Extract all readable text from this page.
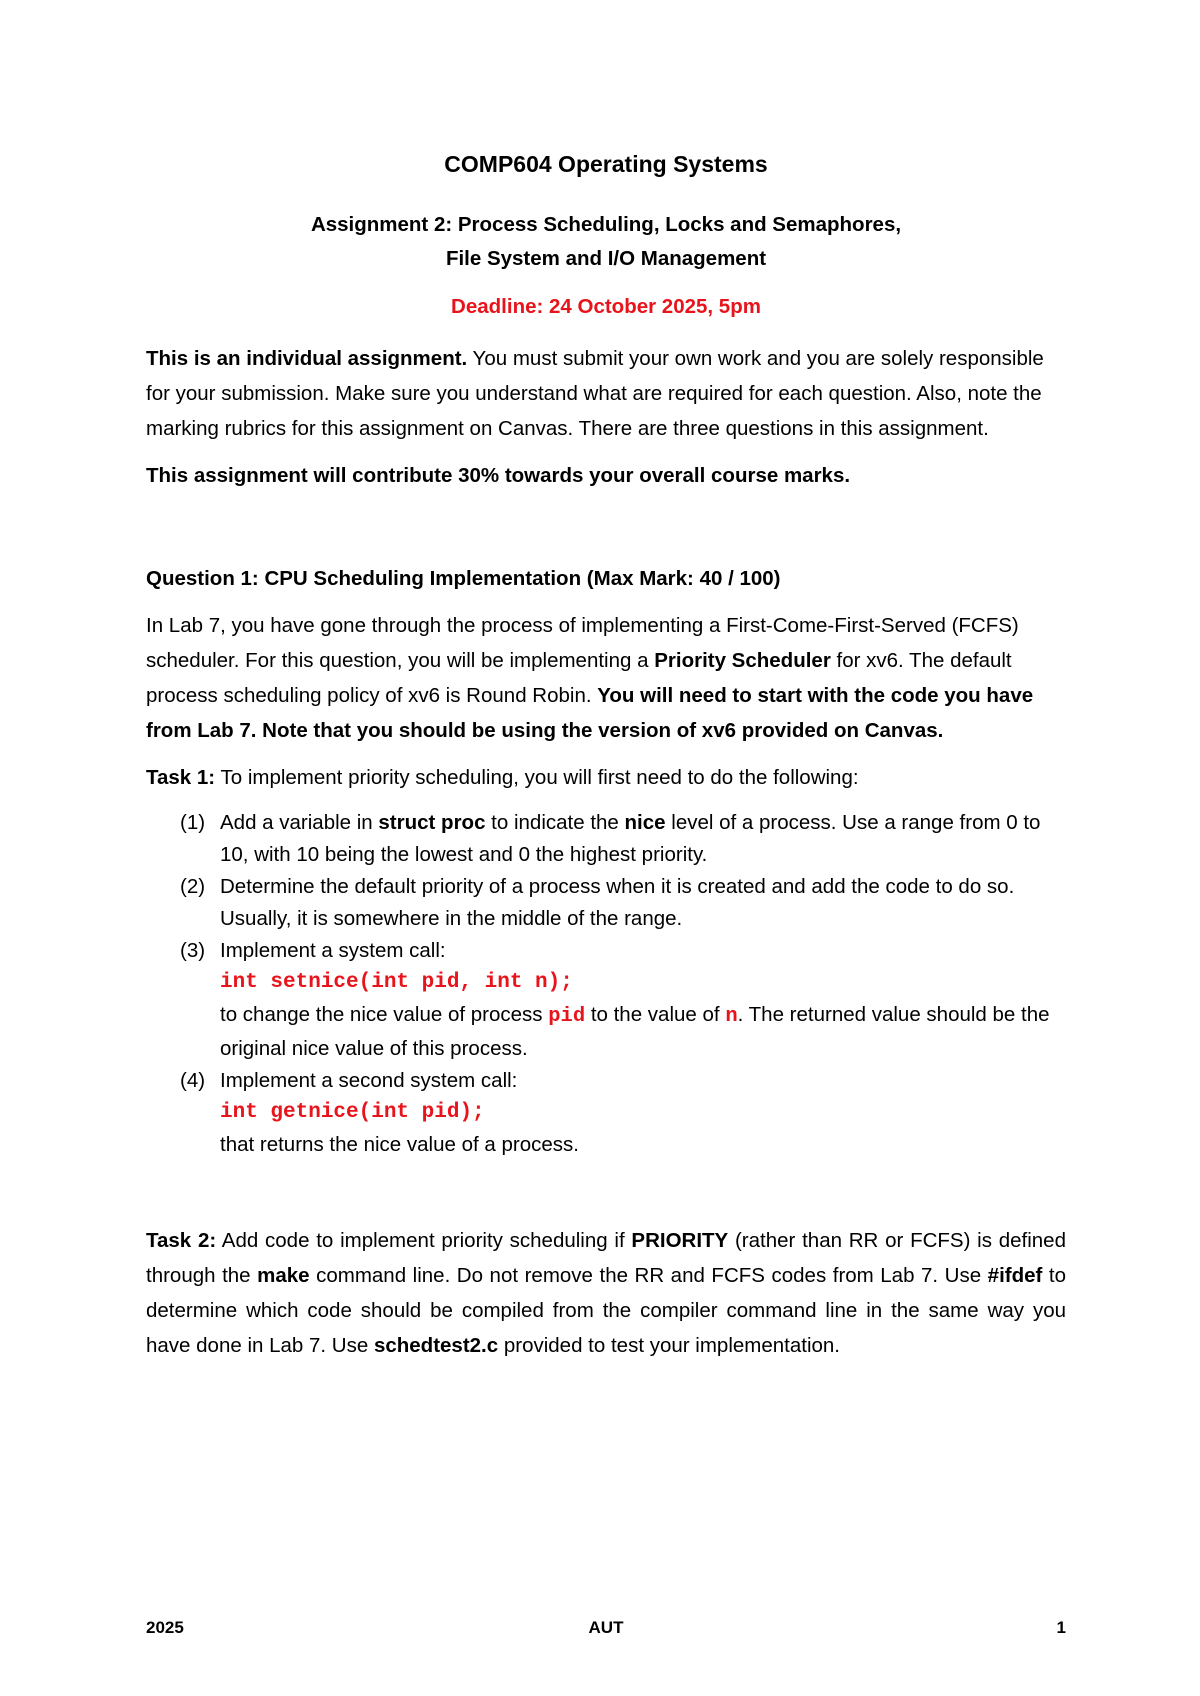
COMP604 Operating Systems
Assignment 2: Process Scheduling, Locks and Semaphores,
File System and I/O Management
Deadline: 24 October 2025, 5pm

This is an individual assignment. You must submit your own work and you are solely responsible for your submission. Make sure you understand what are required for each question. Also, note the marking rubrics for this assignment on Canvas. There are three questions in this assignment.

This assignment will contribute 30% towards your overall course marks.

Question 1: CPU Scheduling Implementation (Max Mark: 40 / 100)

In Lab 7, you have gone through the process of implementing a First-Come-First-Served (FCFS) scheduler. For this question, you will be implementing a Priority Scheduler for xv6. The default process scheduling policy of xv6 is Round Robin. You will need to start with the code you have from Lab 7. Note that you should be using the version of xv6 provided on Canvas.

Task 1: To implement priority scheduling, you will first need to do the following:

(1) Add a variable in struct proc to indicate the nice level of a process. Use a range from 0 to 10, with 10 being the lowest and 0 the highest priority.
(2) Determine the default priority of a process when it is created and add the code to do so. Usually, it is somewhere in the middle of the range.
(3) Implement a system call:
int setnice(int pid, int n);
to change the nice value of process pid to the value of n. The returned value should be the original nice value of this process.
(4) Implement a second system call:
int getnice(int pid);
that returns the nice value of a process.

Task 2: Add code to implement priority scheduling if PRIORITY (rather than RR or FCFS) is defined through the make command line. Do not remove the RR and FCFS codes from Lab 7. Use #ifdef to determine which code should be compiled from the compiler command line in the same way you have done in Lab 7. Use schedtest2.c provided to test your implementation.

2025	AUT	1
